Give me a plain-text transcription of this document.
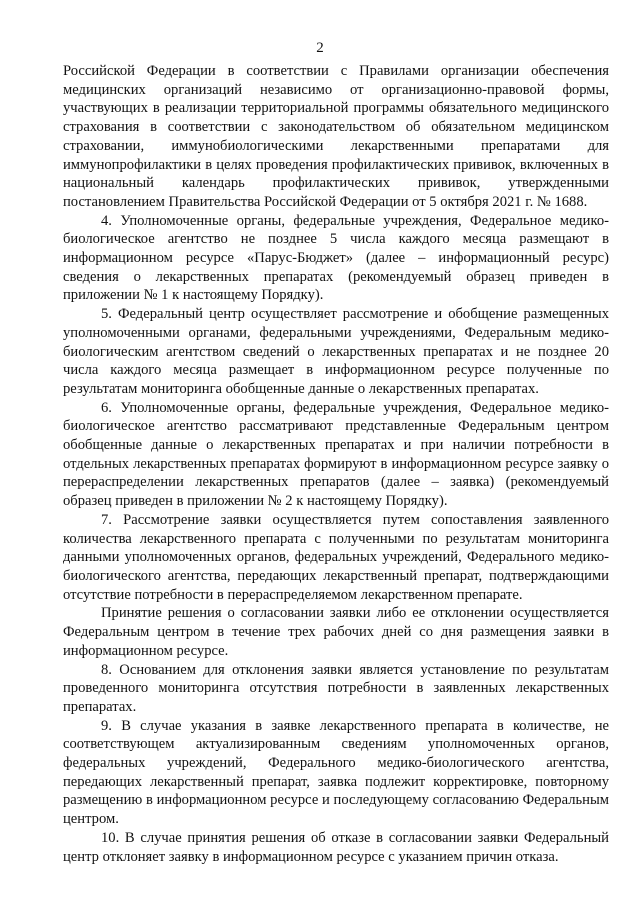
2

Российской Федерации в соответствии с Правилами организации обеспечения медицинских организаций независимо от организационно-правовой формы, участвующих в реализации территориальной программы обязательного медицинского страхования в соответствии с законодательством об обязательном медицинском страховании, иммунобиологическими лекарственными препаратами для иммунопрофилактики в целях проведения профилактических прививок, включенных в национальный календарь профилактических прививок, утвержденными постановлением Правительства Российской Федерации от 5 октября 2021 г. № 1688.

4. Уполномоченные органы, федеральные учреждения, Федеральное медико-биологическое агентство не позднее 5 числа каждого месяца размещают в информационном ресурсе «Парус-Бюджет» (далее – информационный ресурс) сведения о лекарственных препаратах (рекомендуемый образец приведен в приложении № 1 к настоящему Порядку).

5. Федеральный центр осуществляет рассмотрение и обобщение размещенных уполномоченными органами, федеральными учреждениями, Федеральным медико-биологическим агентством сведений о лекарственных препаратах и не позднее 20 числа каждого месяца размещает в информационном ресурсе полученные по результатам мониторинга обобщенные данные о лекарственных препаратах.

6. Уполномоченные органы, федеральные учреждения, Федеральное медико-биологическое агентство рассматривают представленные Федеральным центром обобщенные данные о лекарственных препаратах и при наличии потребности в отдельных лекарственных препаратах формируют в информационном ресурсе заявку о перераспределении лекарственных препаратов (далее – заявка) (рекомендуемый образец приведен в приложении № 2 к настоящему Порядку).

7. Рассмотрение заявки осуществляется путем сопоставления заявленного количества лекарственного препарата с полученными по результатам мониторинга данными уполномоченных органов, федеральных учреждений, Федерального медико-биологического агентства, передающих лекарственный препарат, подтверждающими отсутствие потребности в перераспределяемом лекарственном препарате.

Принятие решения о согласовании заявки либо ее отклонении осуществляется Федеральным центром в течение трех рабочих дней со дня размещения заявки в информационном ресурсе.

8. Основанием для отклонения заявки является установление по результатам проведенного мониторинга отсутствия потребности в заявленных лекарственных препаратах.

9. В случае указания в заявке лекарственного препарата в количестве, не соответствующем актуализированным сведениям уполномоченных органов, федеральных учреждений, Федерального медико-биологического агентства, передающих лекарственный препарат, заявка подлежит корректировке, повторному размещению в информационном ресурсе и последующему согласованию Федеральным центром.

10. В случае принятия решения об отказе в согласовании заявки Федеральный центр отклоняет заявку в информационном ресурсе с указанием причин отказа.
